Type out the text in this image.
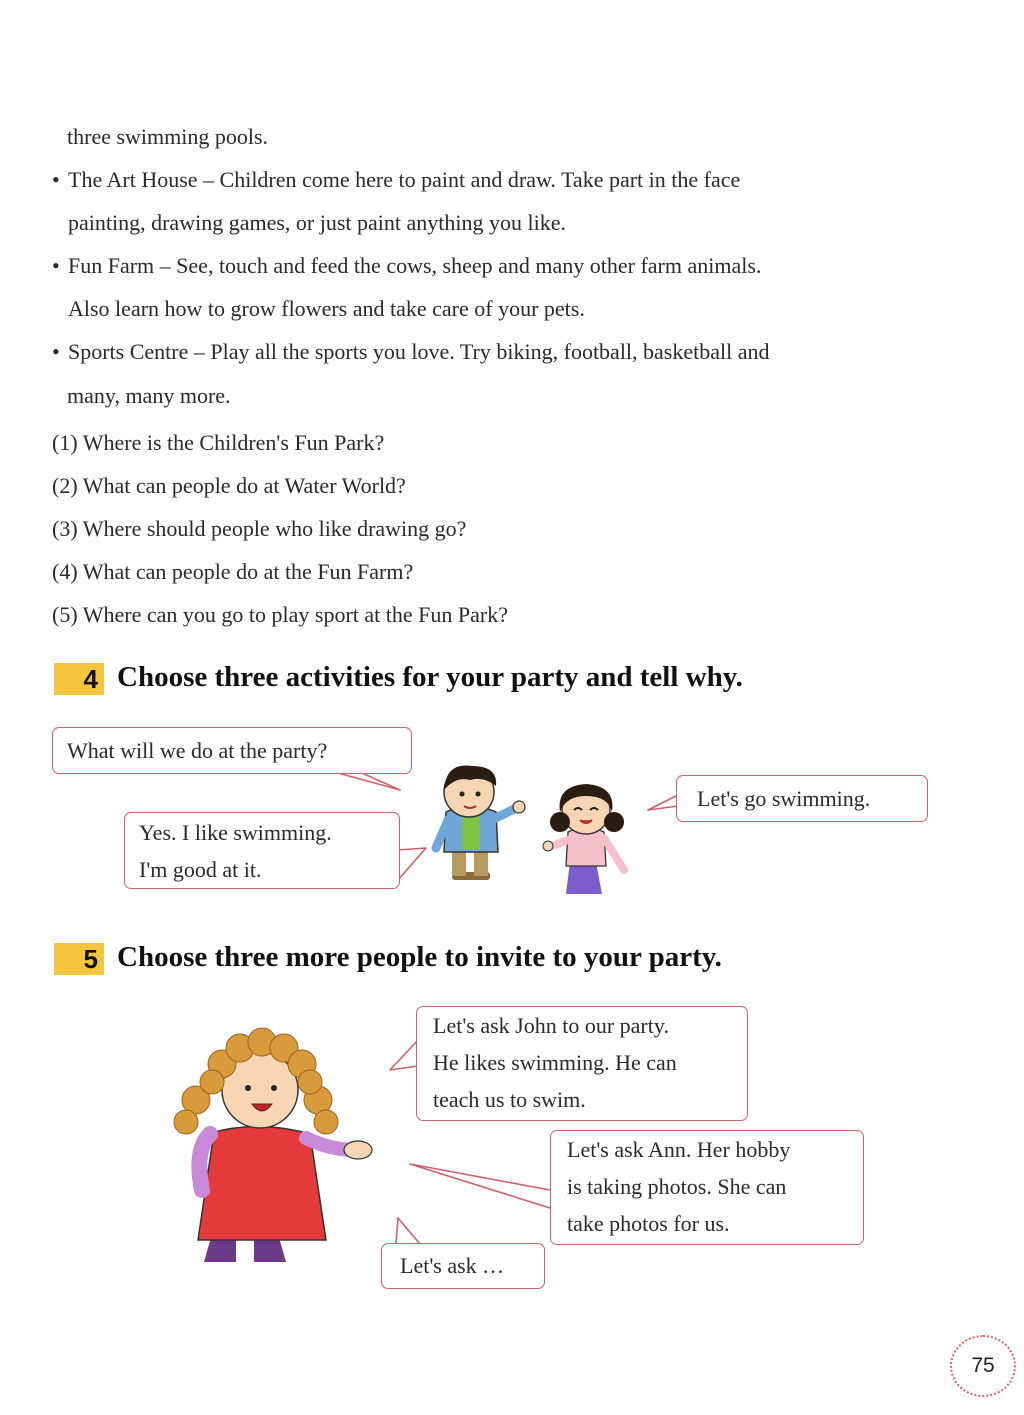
three swimming pools.
• The Art House – Children come here to paint and draw. Take part in the face
painting, drawing games, or just paint anything you like.
• Fun Farm – See, touch and feed the cows, sheep and many other farm animals.
Also learn how to grow flowers and take care of your pets.
• Sports Centre – Play all the sports you love. Try biking, football, basketball and
many, many more.
(1) Where is the Children's Fun Park?
(2) What can people do at Water World?
(3) Where should people who like drawing go?
(4) What can people do at the Fun Farm?
(5) Where can you go to play sport at the Fun Park?
4 Choose three activities for your party and tell why.
5 Choose three more people to invite to your party.
What will we do at the party?
Yes. I like swimming.
I'm good at it.
Let's go swimming.
Let's ask John to our party.
He likes swimming. He can
teach us to swim.
Let's ask Ann. Her hobby
is taking photos. She can
take photos for us.
Let's ask …
75
